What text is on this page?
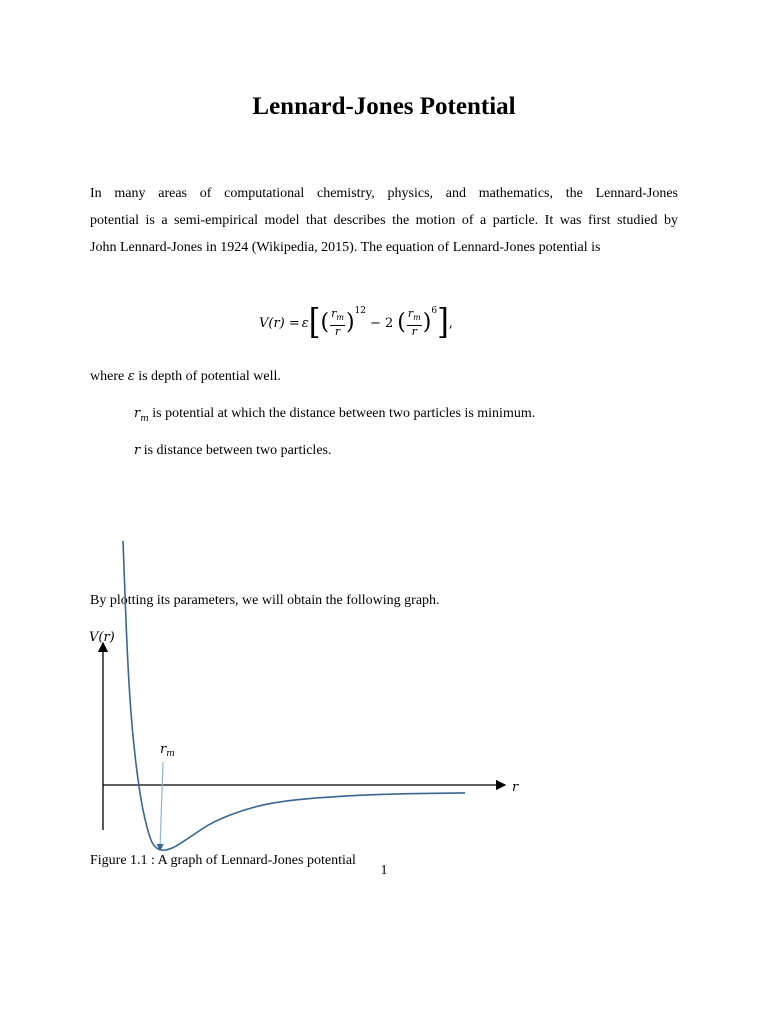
Lennard-Jones Potential
In many areas of computational chemistry, physics, and mathematics, the Lennard-Jones
potential is a semi-empirical model that describes the motion of a particle. It was first studied by
John Lennard-Jones in 1924 (Wikipedia, 2015). The equation of Lennard-Jones potential is
V(r) = ε [ ( $\frac{r_m}{r}$ ) 12
− 2 ( $\frac{r_m}{r}$ ) 6 ] ,
where ε is depth of potential well.
$r_m$ is potential at which the distance between two particles is minimum.
r is distance between two particles.
By plotting its parameters, we will obtain the following graph.
V(r)
r
$r_m$
Figure 1.1 : A graph of Lennard-Jones potential
1
